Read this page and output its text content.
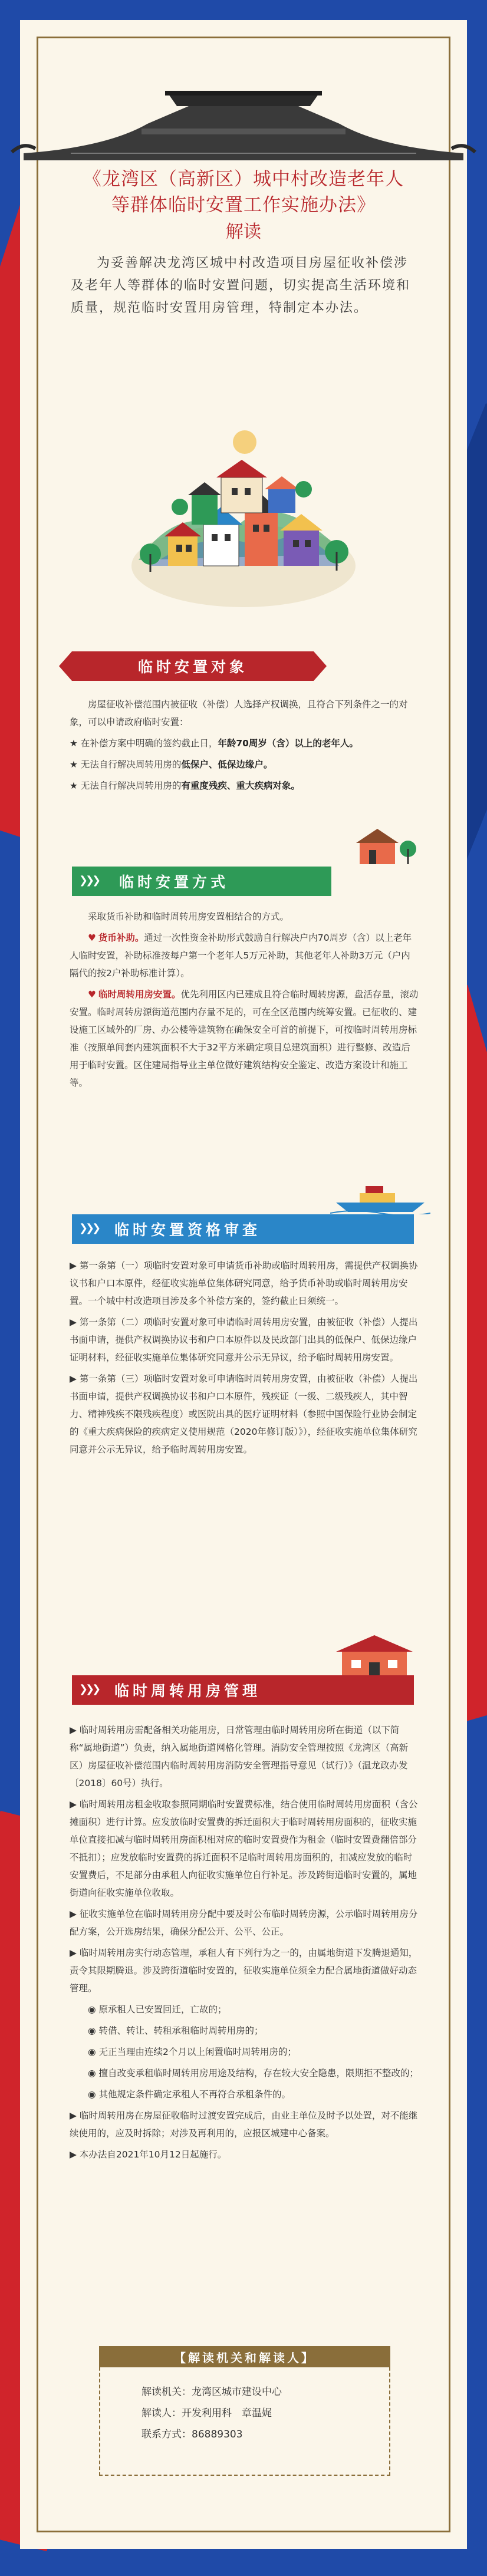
《龙湾区（高新区）城中村改造老年人
等群体临时安置工作实施办法》
解读
为妥善解决龙湾区城中村改造项目房屋征收补偿涉及老年人等群体的临时安置问题，切实提高生活环境和质量，规范临时安置用房管理，特制定本办法。
临时安置对象

房屋征收补偿范围内被征收（补偿）人选择产权调换，且符合下列条件之一的对象，可以申请政府临时安置：

★ 在补偿方案中明确的签约截止日，年龄70周岁（含）以上的老年人。

★ 无法自行解决周转用房的低保户、低保边缘户。

★ 无法自行解决周转用房的有重度残疾、重大疾病对象。

❯❯❯ 临时安置方式

采取货币补助和临时周转用房安置相结合的方式。

♥ 货币补助。通过一次性资金补助形式鼓励自行解决户内70周岁（含）以上老年人临时安置，补助标准按每户第一个老年人5万元补助，其他老年人补助3万元（户内隔代的按2户补助标准计算）。

♥ 临时周转用房安置。优先利用区内已建成且符合临时周转房源，盘活存量，滚动安置。临时周转房源街道范围内存量不足的，可在全区范围内统筹安置。已征收的、建设施工区域外的厂房、办公楼等建筑物在确保安全可首的前提下，可按临时周转用房标准（按照单间套内建筑面积不大于32平方米确定项目总建筑面积）进行整修、改造后用于临时安置。区住建局指导业主单位做好建筑结构安全鉴定、改造方案设计和施工等。

❯❯❯ 临时安置资格审查

▶ 第一条第（一）项临时安置对象可申请货币补助或临时周转用房，需提供产权调换协议书和户口本原件，经征收实施单位集体研究同意，给予货币补助或临时周转用房安置。一个城中村改造项目涉及多个补偿方案的，签约截止日须统一。

▶ 第一条第（二）项临时安置对象可申请临时周转用房安置，由被征收（补偿）人提出书面申请，提供产权调换协议书和户口本原件以及民政部门出具的低保户、低保边缘户证明材料，经征收实施单位集体研究同意并公示无异议，给予临时周转用房安置。

▶ 第一条第（三）项临时安置对象可申请临时周转用房安置，由被征收（补偿）人提出书面申请，提供产权调换协议书和户口本原件，残疾证（一级、二级残疾人，其中智力、精神残疾不限残疾程度）或医院出具的医疗证明材料（参照中国保险行业协会制定的《重大疾病保险的疾病定义使用规范（2020年修订版）》），经征收实施单位集体研究同意并公示无异议，给予临时周转用房安置。

❯❯❯ 临时周转用房管理

▶ 临时周转用房需配备相关功能用房，日常管理由临时周转用房所在街道（以下简称“属地街道”）负责，纳入属地街道网格化管理。消防安全管理按照《龙湾区（高新区）房屋征收补偿范围内临时周转用房消防安全管理指导意见（试行）》（温龙政办发〔2018〕60号）执行。

▶ 临时周转用房租金收取参照同期临时安置费标准，结合使用临时周转用房面积（含公摊面积）进行计算。应发放临时安置费的拆迁面积大于临时周转用房面积的，征收实施单位直接扣减与临时周转用房面积相对应的临时安置费作为租金（临时安置费翻倍部分不抵扣）；应发放临时安置费的拆迁面积不足临时周转用房面积的，扣减应发放的临时安置费后，不足部分由承租人向征收实施单位自行补足。涉及跨街道临时安置的，属地街道向征收实施单位收取。

▶ 征收实施单位在临时周转用房分配中要及时公布临时周转房源，公示临时周转用房分配方案，公开选房结果，确保分配公开、公平、公正。

▶ 临时周转用房实行动态管理，承租人有下列行为之一的，由属地街道下发腾退通知，责令其限期腾退。涉及跨街道临时安置的，征收实施单位须全力配合属地街道做好动态管理。

◉ 原承租人已安置回迁，亡故的；

◉ 转借、转让、转租承租临时周转用房的；

◉ 无正当理由连续2个月以上闲置临时周转用房的；

◉ 擅自改变承租临时周转用房用途及结构，存在较大安全隐患，限期拒不整改的；

◉ 其他规定条件确定承租人不再符合承租条件的。

▶ 临时周转用房在房屋征收临时过渡安置完成后，由业主单位及时予以处置，对不能继续使用的，应及时拆除；对涉及再利用的，应报区城建中心备案。

▶ 本办法自2021年10月12日起施行。

【解读机关和解读人】
解读机关：龙湾区城市建设中心
解读人：开发利用科　章温娓
联系方式：86889303
